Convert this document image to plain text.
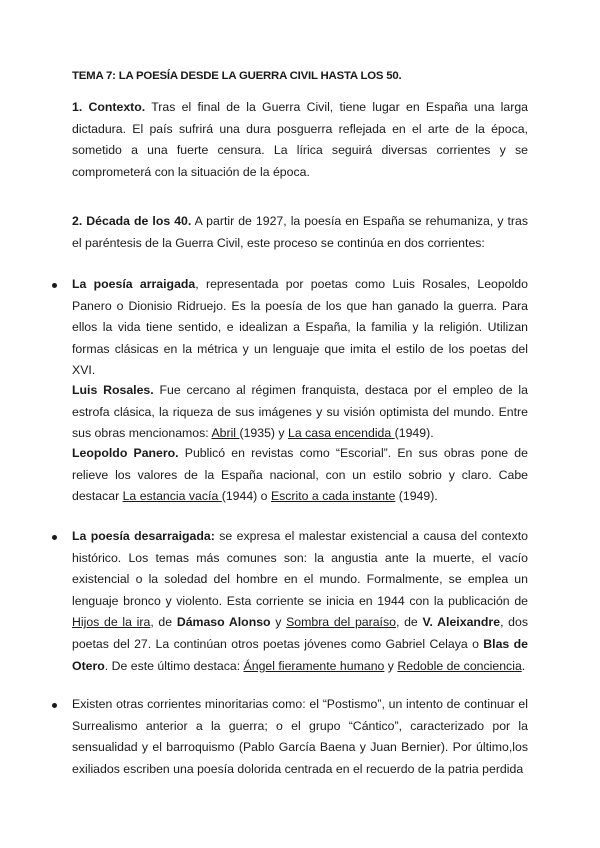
TEMA 7: LA POESÍA DESDE LA GUERRA CIVIL HASTA LOS 50.
1. Contexto. Tras el final de la Guerra Civil, tiene lugar en España una larga dictadura. El país sufrirá una dura posguerra reflejada en el arte de la época, sometido a una fuerte censura. La lírica seguirá diversas corrientes y se comprometerá con la situación de la época.
2. Década de los 40. A partir de 1927, la poesía en España se rehumaniza, y tras el paréntesis de la Guerra Civil, este proceso se continúa en dos corrientes:
La poesía arraigada, representada por poetas como Luis Rosales, Leopoldo Panero o Dionisio Ridruejo. Es la poesía de los que han ganado la guerra. Para ellos la vida tiene sentido, e idealizan a España, la familia y la religión. Utilizan formas clásicas en la métrica y un lenguaje que imita el estilo de los poetas del XVI.
Luis Rosales. Fue cercano al régimen franquista, destaca por el empleo de la estrofa clásica, la riqueza de sus imágenes y su visión optimista del mundo. Entre sus obras mencionamos: Abril (1935) y La casa encendida (1949).
Leopoldo Panero. Publicó en revistas como “Escorial”. En sus obras pone de relieve los valores de la España nacional, con un estilo sobrio y claro. Cabe destacar La estancia vacía (1944) o Escrito a cada instante (1949).
La poesía desarraigada: se expresa el malestar existencial a causa del contexto histórico. Los temas más comunes son: la angustia ante la muerte, el vacío existencial o la soledad del hombre en el mundo. Formalmente, se emplea un lenguaje bronco y violento. Esta corriente se inicia en 1944 con la publicación de Hijos de la ira, de Dámaso Alonso y Sombra del paraíso, de V. Aleixandre, dos poetas del 27. La continúan otros poetas jóvenes como Gabriel Celaya o Blas de Otero. De este último destaca: Ángel fieramente humano y Redoble de conciencia.
Existen otras corrientes minoritarias como: el “Postismo”, un intento de continuar el Surrealismo anterior a la guerra; o el grupo “Cántico”, caracterizado por la sensualidad y el barroquismo (Pablo García Baena y Juan Bernier). Por último,los exiliados escriben una poesía dolorida centrada en el recuerdo de la patria perdida
